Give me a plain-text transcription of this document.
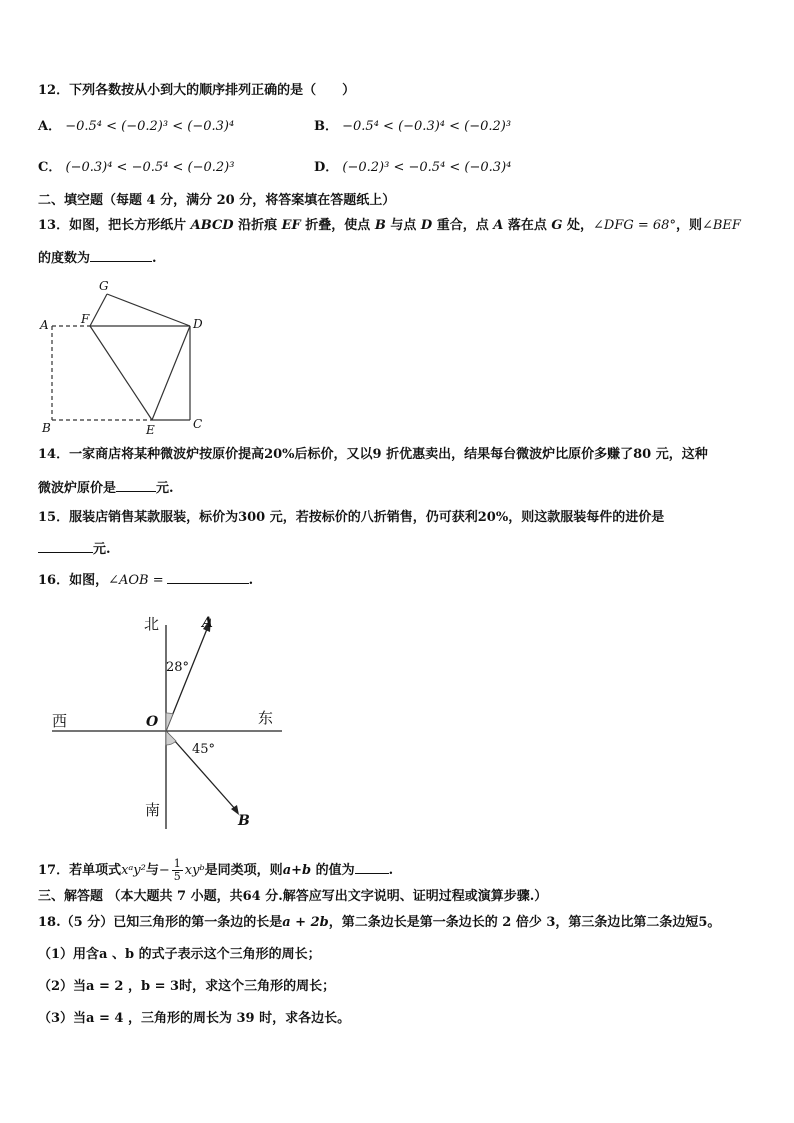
12．下列各数按从小到大的顺序排列正确的是（　　）
A． −0.5⁴ < (−0.2)³ < (−0.3)⁴	B． −0.5⁴ < (−0.3)⁴ < (−0.2)³
C． (−0.3)⁴ < −0.5⁴ < (−0.2)³	D． (−0.2)³ < −0.5⁴ < (−0.3)⁴
二、填空题（每题 4 分，满分 20 分，将答案填在答题纸上）
13．如图，把长方形纸片 ABCD 沿折痕 EF 折叠，使点 B 与点 D 重合，点 A 落在点 G 处，∠DFG = 68°，则∠BEF
的度数为	.
A
B	C
D
E
F
G
14．一家商店将某种微波炉按原价提高20%后标价，又以9 折优惠卖出，结果每台微波炉比原价多赚了80 元，这种
微波炉原价是	元.
15．服装店销售某款服装，标价为300 元，若按标价的八折销售，仍可获利20%，则这款服装每件的进价是
元.
16．如图，∠AOB =	.
北
南
西	东
O
A
B
28°
45°
17．若单项式xᵃy²与− $\frac{1}{5}$ xyᵇ是同类项，则a+b 的值为	.
三、解答题 （本大题共 7 小题，共64 分.解答应写出文字说明、证明过程或演算步骤.）
18.（5 分）已知三角形的第一条边的长是a + 2b，第二条边长是第一条边长的 2 倍少 3，第三条边比第二条边短5。
（1）用含a 、b 的式子表示这个三角形的周长；
（2）当a = 2 ，b = 3时，求这个三角形的周长；
（3）当a = 4 ，三角形的周长为 39 时，求各边长。
